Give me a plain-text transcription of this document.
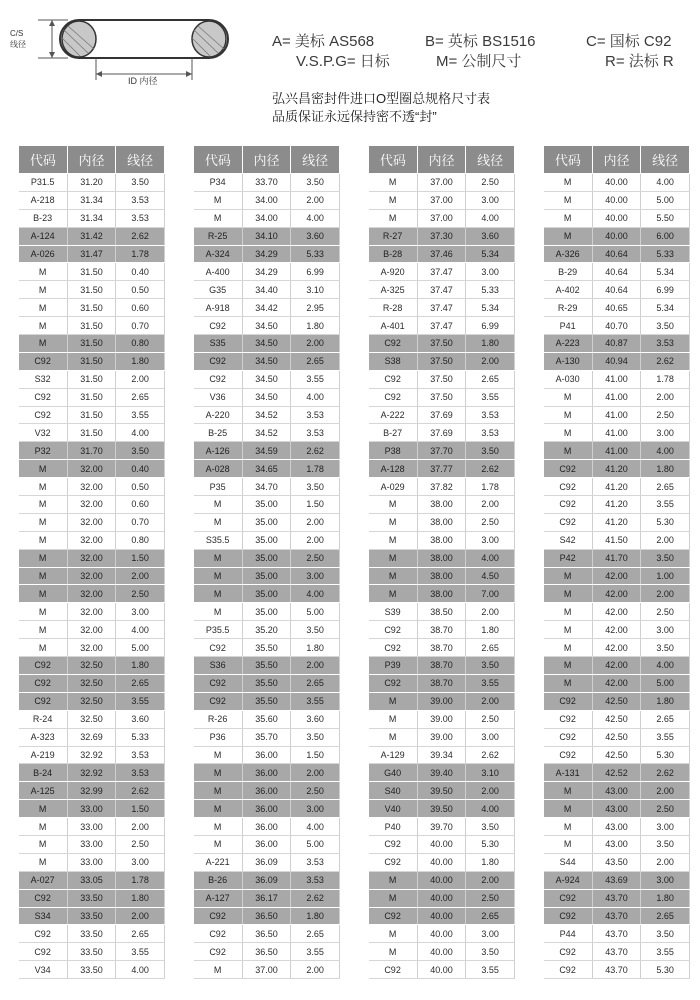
C/S
线径
ID 内径
A= 美标 AS568	B= 英标 BS1516	C= 国标 C92
V.S.P.G= 日标	M= 公制尺寸	R= 法标 R
弘兴昌密封件进口O型圈总规格尺寸表
品质保证永远保持密不透“封”
代码	内径	线径
P31.5	31.20	3.50
A-218	31.34	3.53
B-23	31.34	3.53
A-124	31.42	2.62
A-026	31.47	1.78
M	31.50	0.40
M	31.50	0.50
M	31.50	0.60
M	31.50	0.70
M	31.50	0.80
C92	31.50	1.80
S32	31.50	2.00
C92	31.50	2.65
C92	31.50	3.55
V32	31.50	4.00
P32	31.70	3.50
M	32.00	0.40
M	32.00	0.50
M	32.00	0.60
M	32.00	0.70
M	32.00	0.80
M	32.00	1.50
M	32.00	2.00
M	32.00	2.50
M	32.00	3.00
M	32.00	4.00
M	32.00	5.00
C92	32.50	1.80
C92	32.50	2.65
C92	32.50	3.55
R-24	32.50	3.60
A-323	32.69	5.33
A-219	32.92	3.53
B-24	32.92	3.53
A-125	32.99	2.62
M	33.00	1.50
M	33.00	2.00
M	33.00	2.50
M	33.00	3.00
A-027	33.05	1.78
C92	33.50	1.80
S34	33.50	2.00
C92	33.50	2.65
C92	33.50	3.55
V34	33.50	4.00
代码	内径	线径
P34	33.70	3.50
M	34.00	2.00
M	34.00	4.00
R-25	34.10	3.60
A-324	34.29	5.33
A-400	34.29	6.99
G35	34.40	3.10
A-918	34.42	2.95
C92	34.50	1.80
S35	34.50	2.00
C92	34.50	2.65
C92	34.50	3.55
V36	34.50	4.00
A-220	34.52	3.53
B-25	34.52	3.53
A-126	34.59	2.62
A-028	34.65	1.78
P35	34.70	3.50
M	35.00	1.50
M	35.00	2.00
S35.5	35.00	2.00
M	35.00	2.50
M	35.00	3.00
M	35.00	4.00
M	35.00	5.00
P35.5	35.20	3.50
C92	35.50	1.80
S36	35.50	2.00
C92	35.50	2.65
C92	35.50	3.55
R-26	35.60	3.60
P36	35.70	3.50
M	36.00	1.50
M	36.00	2.00
M	36.00	2.50
M	36.00	3.00
M	36.00	4.00
M	36.00	5.00
A-221	36.09	3.53
B-26	36.09	3.53
A-127	36.17	2.62
C92	36.50	1.80
C92	36.50	2.65
C92	36.50	3.55
M	37.00	2.00
代码	内径	线径
M	37.00	2.50
M	37.00	3.00
M	37.00	4.00
R-27	37.30	3.60
B-28	37.46	5.34
A-920	37.47	3.00
A-325	37.47	5.33
R-28	37.47	5.34
A-401	37.47	6.99
C92	37.50	1.80
S38	37.50	2.00
C92	37.50	2.65
C92	37.50	3.55
A-222	37.69	3.53
B-27	37.69	3.53
P38	37.70	3.50
A-128	37.77	2.62
A-029	37.82	1.78
M	38.00	2.00
M	38.00	2.50
M	38.00	3.00
M	38.00	4.00
M	38.00	4.50
M	38.00	7.00
S39	38.50	2.00
C92	38.70	1.80
C92	38.70	2.65
P39	38.70	3.50
C92	38.70	3.55
M	39.00	2.00
M	39.00	2.50
M	39.00	3.00
A-129	39.34	2.62
G40	39.40	3.10
S40	39.50	2.00
V40	39.50	4.00
P40	39.70	3.50
C92	40.00	5.30
C92	40.00	1.80
M	40.00	2.00
M	40.00	2.50
C92	40.00	2.65
M	40.00	3.00
M	40.00	3.50
C92	40.00	3.55
代码	内径	线径
M	40.00	4.00
M	40.00	5.00
M	40.00	5.50
M	40.00	6.00
A-326	40.64	5.33
B-29	40.64	5.34
A-402	40.64	6.99
R-29	40.65	5.34
P41	40.70	3.50
A-223	40.87	3.53
A-130	40.94	2.62
A-030	41.00	1.78
M	41.00	2.00
M	41.00	2.50
M	41.00	3.00
M	41.00	4.00
C92	41.20	1.80
C92	41.20	2.65
C92	41.20	3.55
C92	41.20	5.30
S42	41.50	2.00
P42	41.70	3.50
M	42.00	1.00
M	42.00	2.00
M	42.00	2.50
M	42.00	3.00
M	42.00	3.50
M	42.00	4.00
M	42.00	5.00
C92	42.50	1.80
C92	42.50	2.65
C92	42.50	3.55
C92	42.50	5.30
A-131	42.52	2.62
M	43.00	2.00
M	43.00	2.50
M	43.00	3.00
M	43.00	3.50
S44	43.50	2.00
A-924	43.69	3.00
C92	43.70	1.80
C92	43.70	2.65
P44	43.70	3.50
C92	43.70	3.55
C92	43.70	5.30
